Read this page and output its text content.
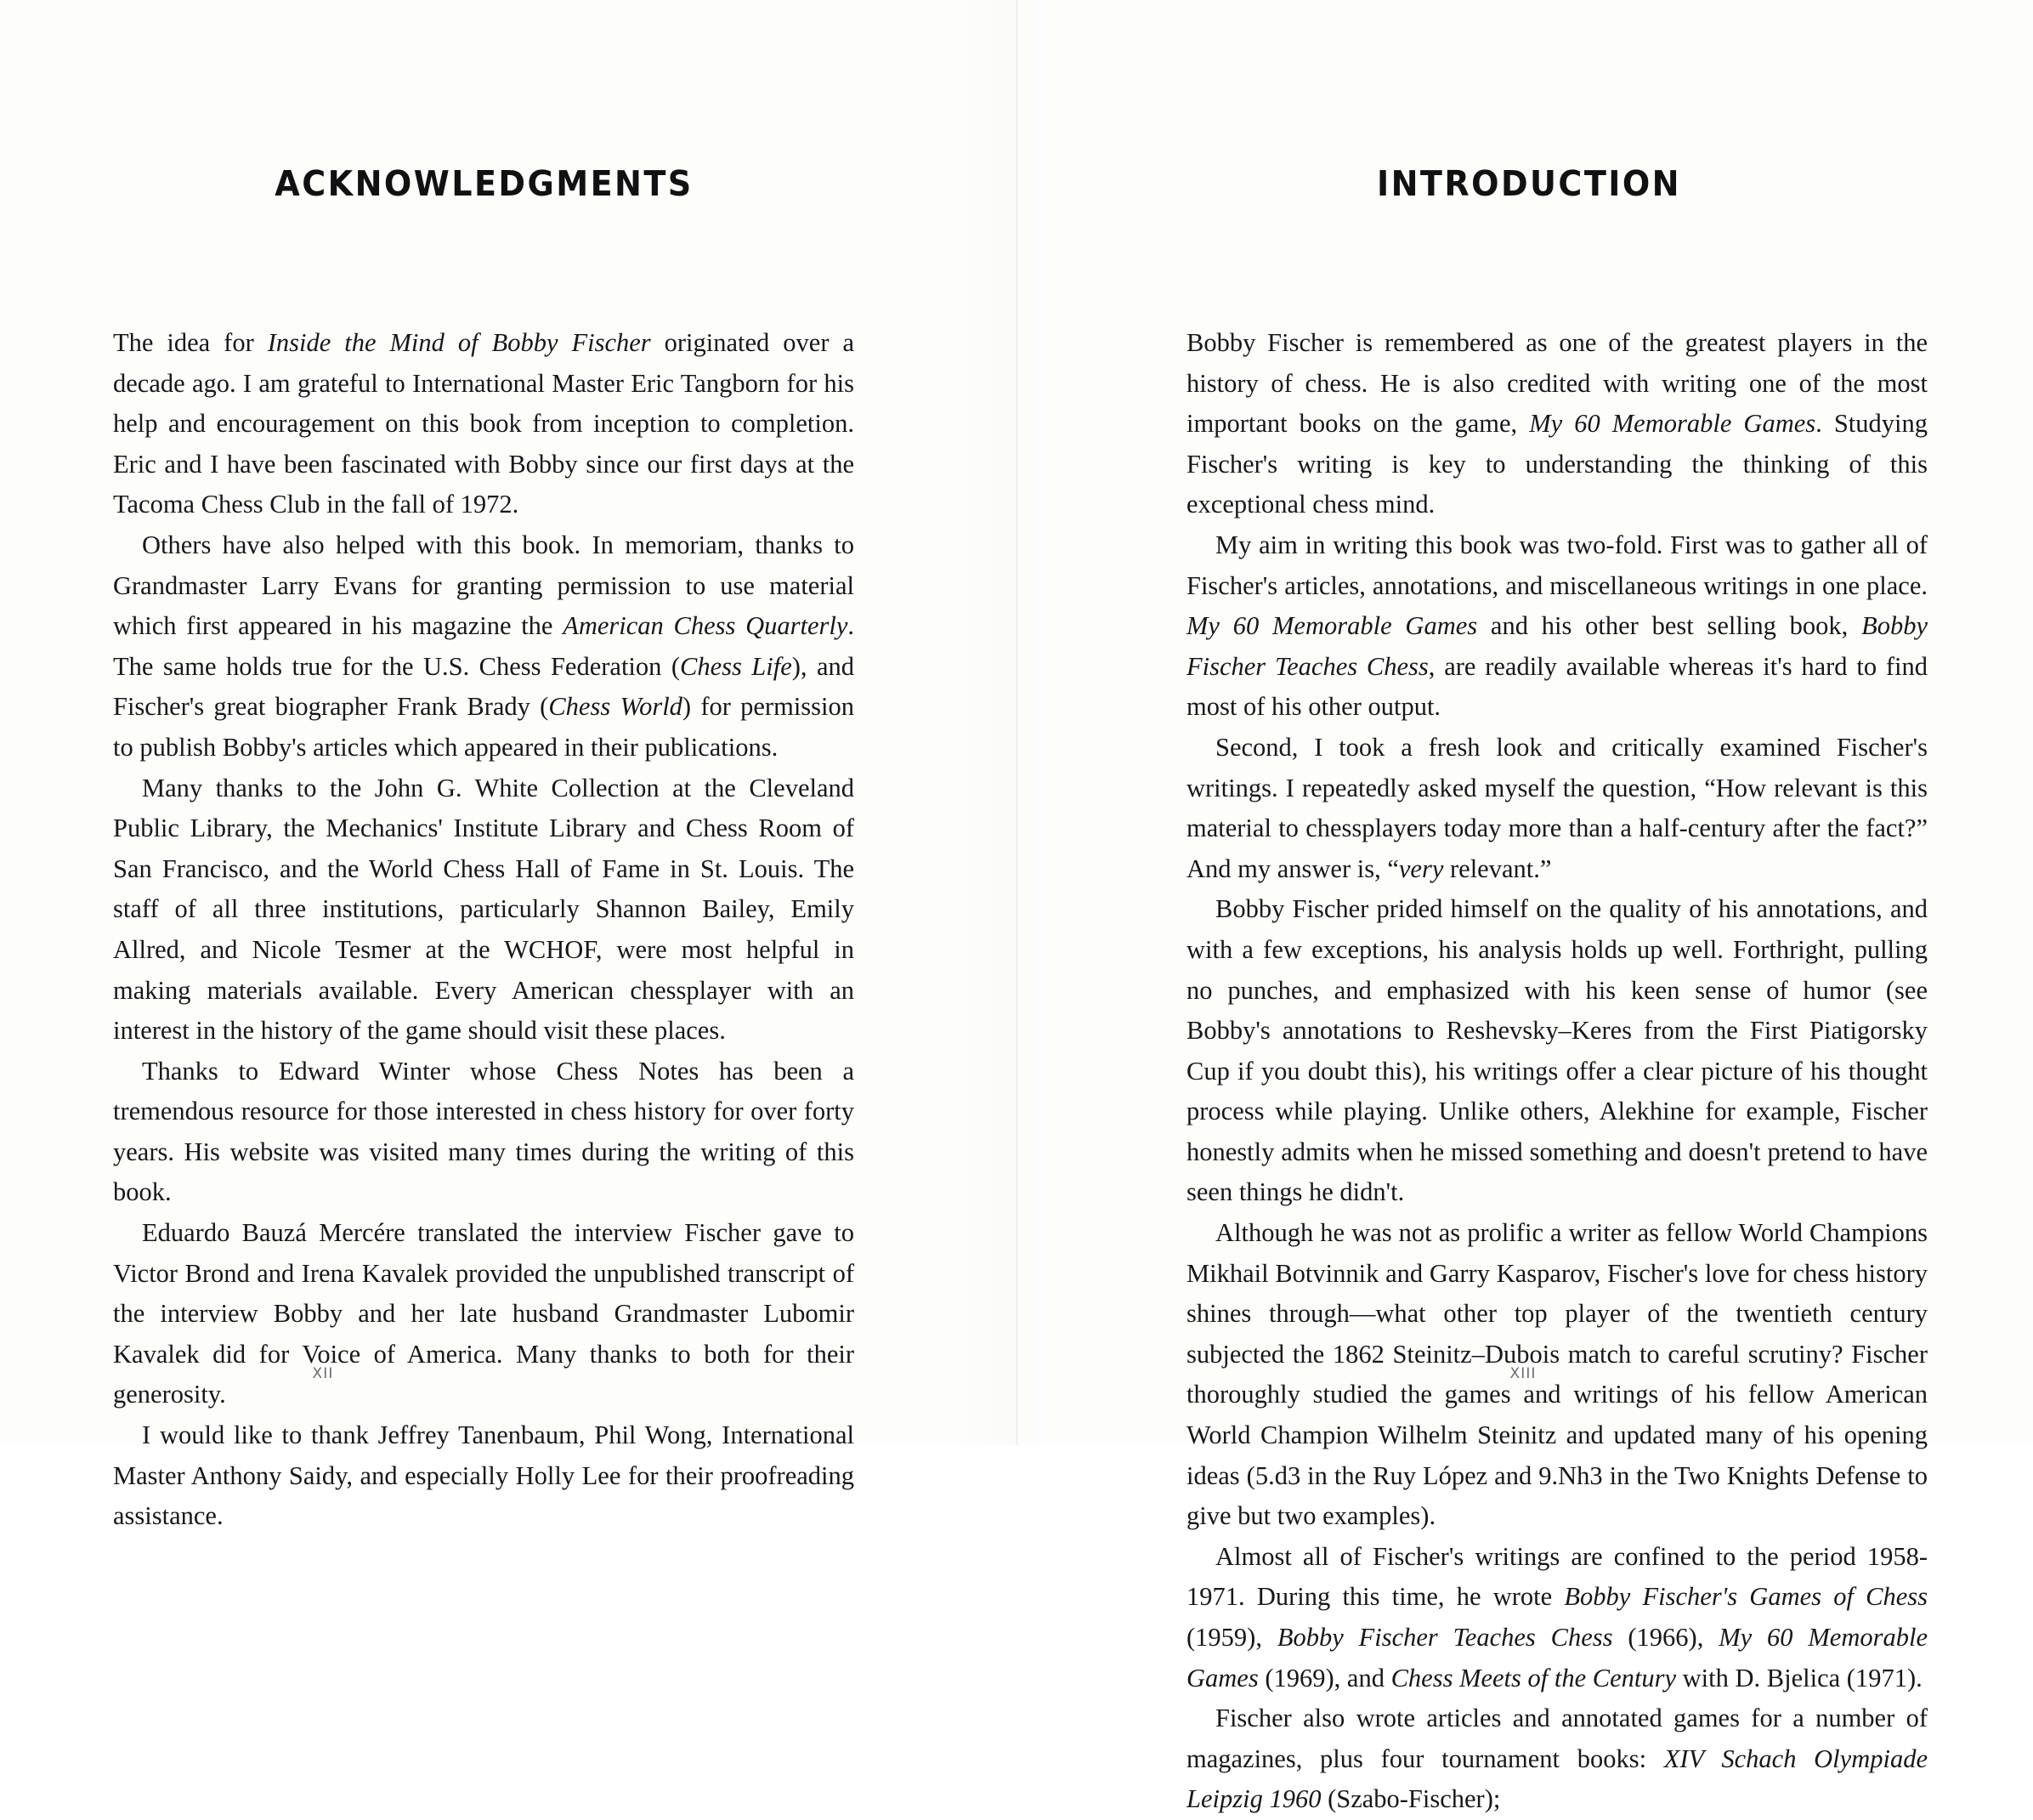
ACKNOWLEDGMENTS

The idea for Inside the Mind of Bobby Fischer originated over a decade ago. I am grateful to International Master Eric Tangborn for his help and encouragement on this book from inception to completion. Eric and I have been fascinated with Bobby since our first days at the Tacoma Chess Club in the fall of 1972.

Others have also helped with this book. In memoriam, thanks to Grandmaster Larry Evans for granting permission to use material which first appeared in his magazine the American Chess Quarterly. The same holds true for the U.S. Chess Federation (Chess Life), and Fischer's great biographer Frank Brady (Chess World) for permission to publish Bobby's articles which appeared in their publications.

Many thanks to the John G. White Collection at the Cleveland Public Library, the Mechanics' Institute Library and Chess Room of San Francisco, and the World Chess Hall of Fame in St. Louis. The staff of all three institutions, particularly Shannon Bailey, Emily Allred, and Nicole Tesmer at the WCHOF, were most helpful in making materials available. Every American chessplayer with an interest in the history of the game should visit these places.

Thanks to Edward Winter whose Chess Notes has been a tremendous resource for those interested in chess history for over forty years. His website was visited many times during the writing of this book.

Eduardo Bauzá Mercére translated the interview Fischer gave to Victor Brond and Irena Kavalek provided the unpublished transcript of the interview Bobby and her late husband Grandmaster Lubomir Kavalek did for Voice of America. Many thanks to both for their generosity.

I would like to thank Jeffrey Tanenbaum, Phil Wong, International Master Anthony Saidy, and especially Holly Lee for their proofreading assistance.

XII
INTRODUCTION

Bobby Fischer is remembered as one of the greatest players in the history of chess. He is also credited with writing one of the most important books on the game, My 60 Memorable Games. Studying Fischer's writing is key to understanding the thinking of this exceptional chess mind.

My aim in writing this book was two-fold. First was to gather all of Fischer's articles, annotations, and miscellaneous writings in one place. My 60 Memorable Games and his other best selling book, Bobby Fischer Teaches Chess, are readily available whereas it's hard to find most of his other output.

Second, I took a fresh look and critically examined Fischer's writings. I repeatedly asked myself the question, “How relevant is this material to chessplayers today more than a half-century after the fact?” And my answer is, “very relevant.”

Bobby Fischer prided himself on the quality of his annotations, and with a few exceptions, his analysis holds up well. Forthright, pulling no punches, and emphasized with his keen sense of humor (see Bobby's annotations to Reshevsky–Keres from the First Piatigorsky Cup if you doubt this), his writings offer a clear picture of his thought process while playing. Unlike others, Alekhine for example, Fischer honestly admits when he missed something and doesn't pretend to have seen things he didn't.

Although he was not as prolific a writer as fellow World Champions Mikhail Botvinnik and Garry Kasparov, Fischer's love for chess history shines through—what other top player of the twentieth century subjected the 1862 Steinitz–Dubois match to careful scrutiny? Fischer thoroughly studied the games and writings of his fellow American World Champion Wilhelm Steinitz and updated many of his opening ideas (5.d3 in the Ruy López and 9.Nh3 in the Two Knights Defense to give but two examples).

Almost all of Fischer's writings are confined to the period 1958-1971. During this time, he wrote Bobby Fischer's Games of Chess (1959), Bobby Fischer Teaches Chess (1966), My 60 Memorable Games (1969), and Chess Meets of the Century with D. Bjelica (1971).

Fischer also wrote articles and annotated games for a number of magazines, plus four tournament books: XIV Schach Olympiade Leipzig 1960 (Szabo-Fischer);

XIII
